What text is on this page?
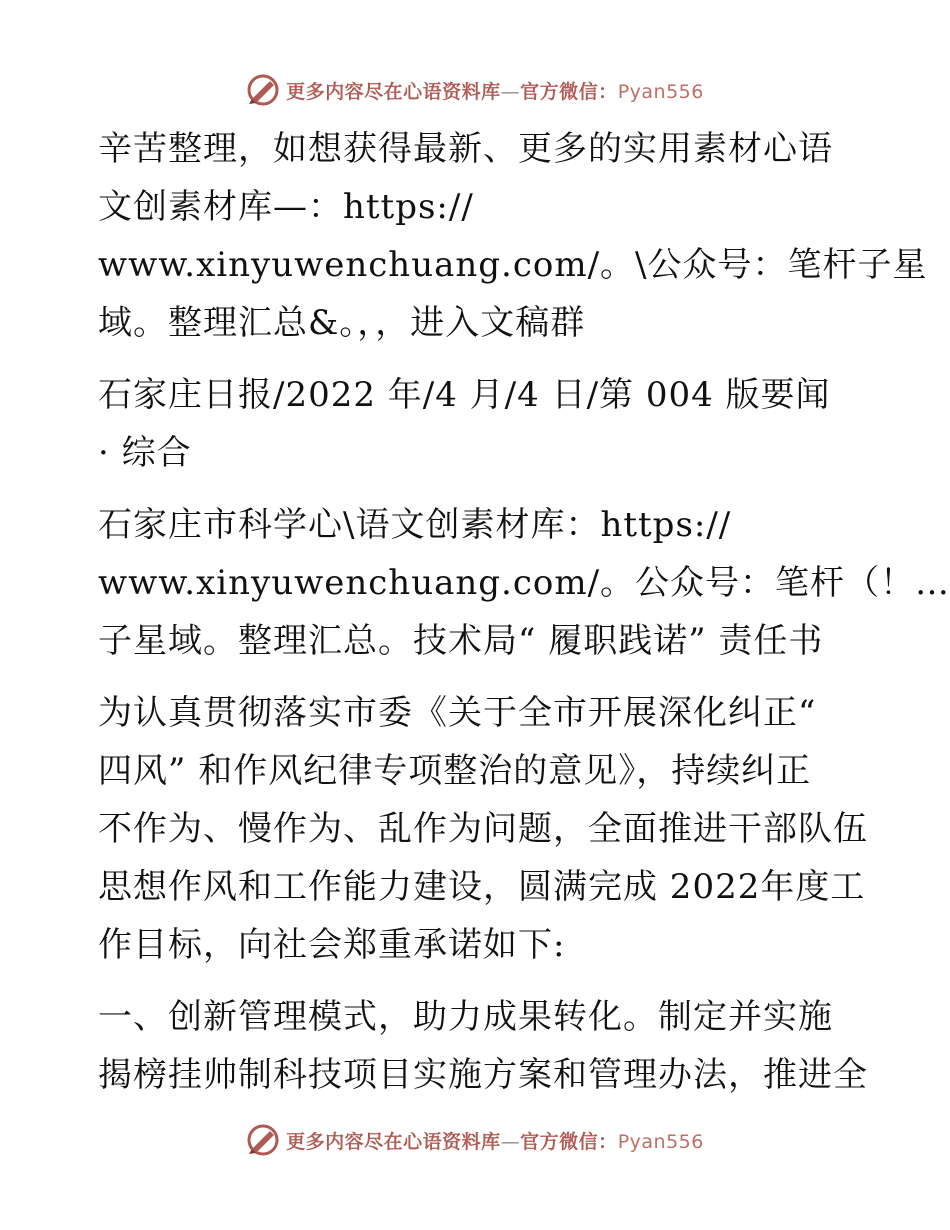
更多内容尽在心语资料库—官方微信：Pyan556
辛苦整理，如想获得最新、更多的实用素材心语
文创素材库—：https://
www.xinyuwenchuang.com/。\公众号：笔杆子星
域。整理汇总&。，，进入文稿群
石家庄日报/2022 年/4 月/4 日/第 004 版要闻
· 综合
石家庄市科学心\语文创素材库：https://
www.xinyuwenchuang.com/。公众号：笔杆（！…
子星域。整理汇总。技术局“ 履职践诺” 责任书
为认真贯彻落实市委《关于全市开展深化纠正“
四风” 和作风纪律专项整治的意见》，持续纠正
不作为、慢作为、乱作为问题，全面推进干部队伍
思想作风和工作能力建设，圆满完成 2022年度工
作目标，向社会郑重承诺如下:
一、创新管理模式，助力成果转化。制定并实施
揭榜挂帅制科技项目实施方案和管理办法，推进全
更多内容尽在心语资料库—官方微信：Pyan556
